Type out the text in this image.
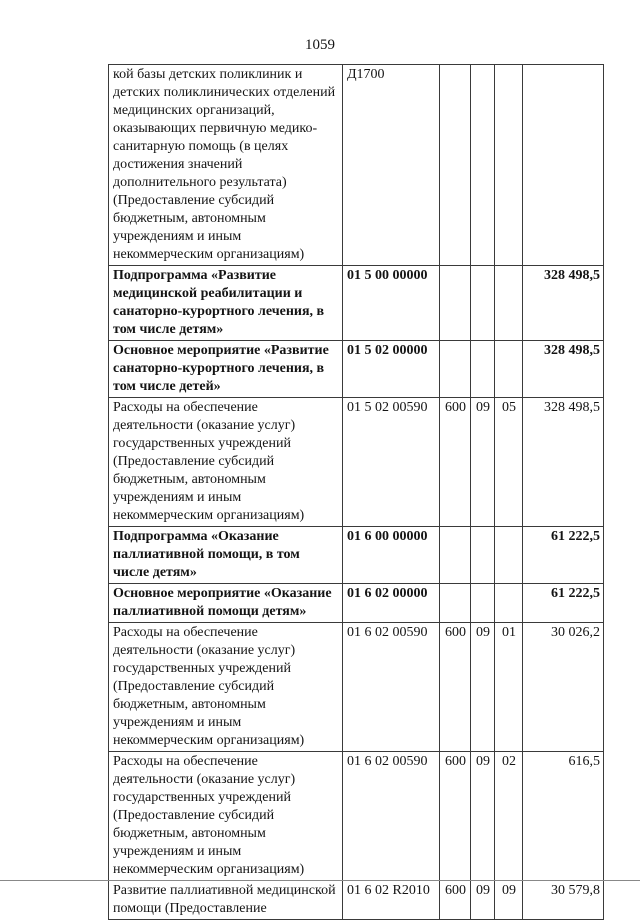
1059
кой базы детских поликлиник и детских поликлинических отделений медицинских организаций, оказывающих первичную медико-санитарную помощь (в целях достижения значений дополнительного результата) (Предоставление субсидий бюджетным, автономным учреждениям и иным некоммерческим организациям)	Д1700				
Подпрограмма «Развитие медицинской реабилитации и санаторно-курортного лечения, в том числе детям»	01 5 00 00000				328 498,5
Основное мероприятие «Развитие санаторно-курортного лечения, в том числе детей»	01 5 02 00000				328 498,5
Расходы на обеспечение деятельности (оказание услуг) государственных учреждений (Предоставление субсидий бюджетным, автономным учреждениям и иным некоммерческим организациям)	01 5 02 00590	600	09	05	328 498,5
Подпрограмма «Оказание паллиативной помощи, в том числе детям»	01 6 00 00000				61 222,5
Основное мероприятие «Оказание паллиативной помощи детям»	01 6 02 00000				61 222,5
Расходы на обеспечение деятельности (оказание услуг) государственных учреждений (Предоставление субсидий бюджетным, автономным учреждениям и иным некоммерческим организациям)	01 6 02 00590	600	09	01	30 026,2
Расходы на обеспечение деятельности (оказание услуг) государственных учреждений (Предоставление субсидий бюджетным, автономным учреждениям и иным некоммерческим организациям)	01 6 02 00590	600	09	02	616,5
Развитие паллиативной медицинской помощи (Предоставление	01 6 02 R2010	600	09	09	30 579,8
